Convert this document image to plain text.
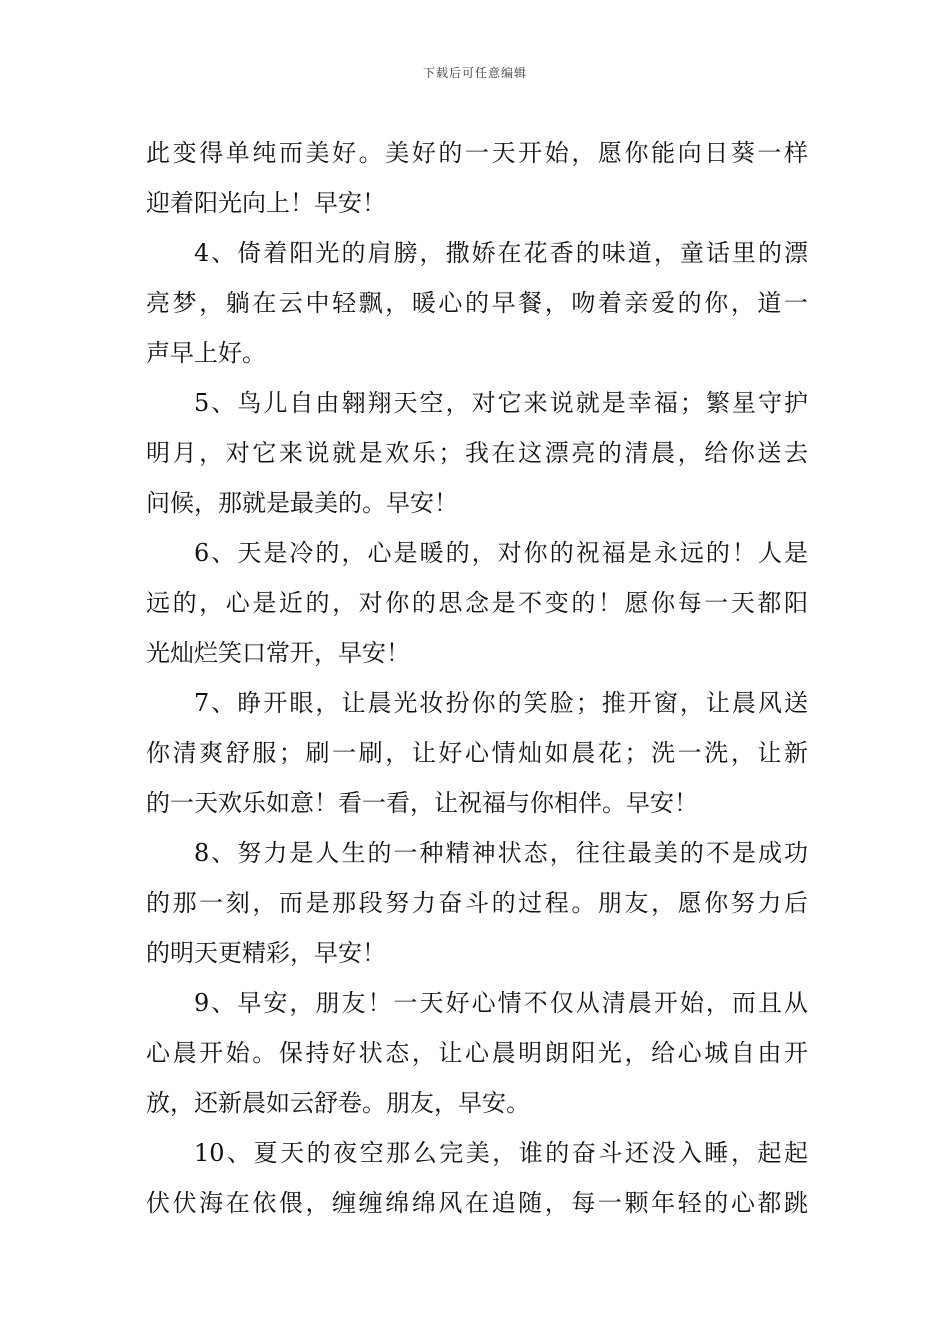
下载后可任意编辑
此变得单纯而美好。美好的一天开始，愿你能向日葵一样
迎着阳光向上！早安！
4、倚着阳光的肩膀，撒娇在花香的味道，童话里的漂
亮梦，躺在云中轻飘，暖心的早餐，吻着亲爱的你，道一
声早上好。
5、鸟儿自由翱翔天空，对它来说就是幸福；繁星守护
明月，对它来说就是欢乐；我在这漂亮的清晨，给你送去
问候，那就是最美的。早安！
6、天是冷的，心是暖的，对你的祝福是永远的！人是
远的，心是近的，对你的思念是不变的！愿你每一天都阳
光灿烂笑口常开，早安！
7、睁开眼，让晨光妆扮你的笑脸；推开窗，让晨风送
你清爽舒服；刷一刷，让好心情灿如晨花；洗一洗，让新
的一天欢乐如意！看一看，让祝福与你相伴。早安！
8、努力是人生的一种精神状态，往往最美的不是成功
的那一刻，而是那段努力奋斗的过程。朋友，愿你努力后
的明天更精彩，早安！
9、早安，朋友！一天好心情不仅从清晨开始，而且从
心晨开始。保持好状态，让心晨明朗阳光，给心城自由开
放，还新晨如云舒卷。朋友，早安。
10、夏天的夜空那么完美，谁的奋斗还没入睡，起起
伏伏海在依偎，缠缠绵绵风在追随，每一颗年轻的心都跳
